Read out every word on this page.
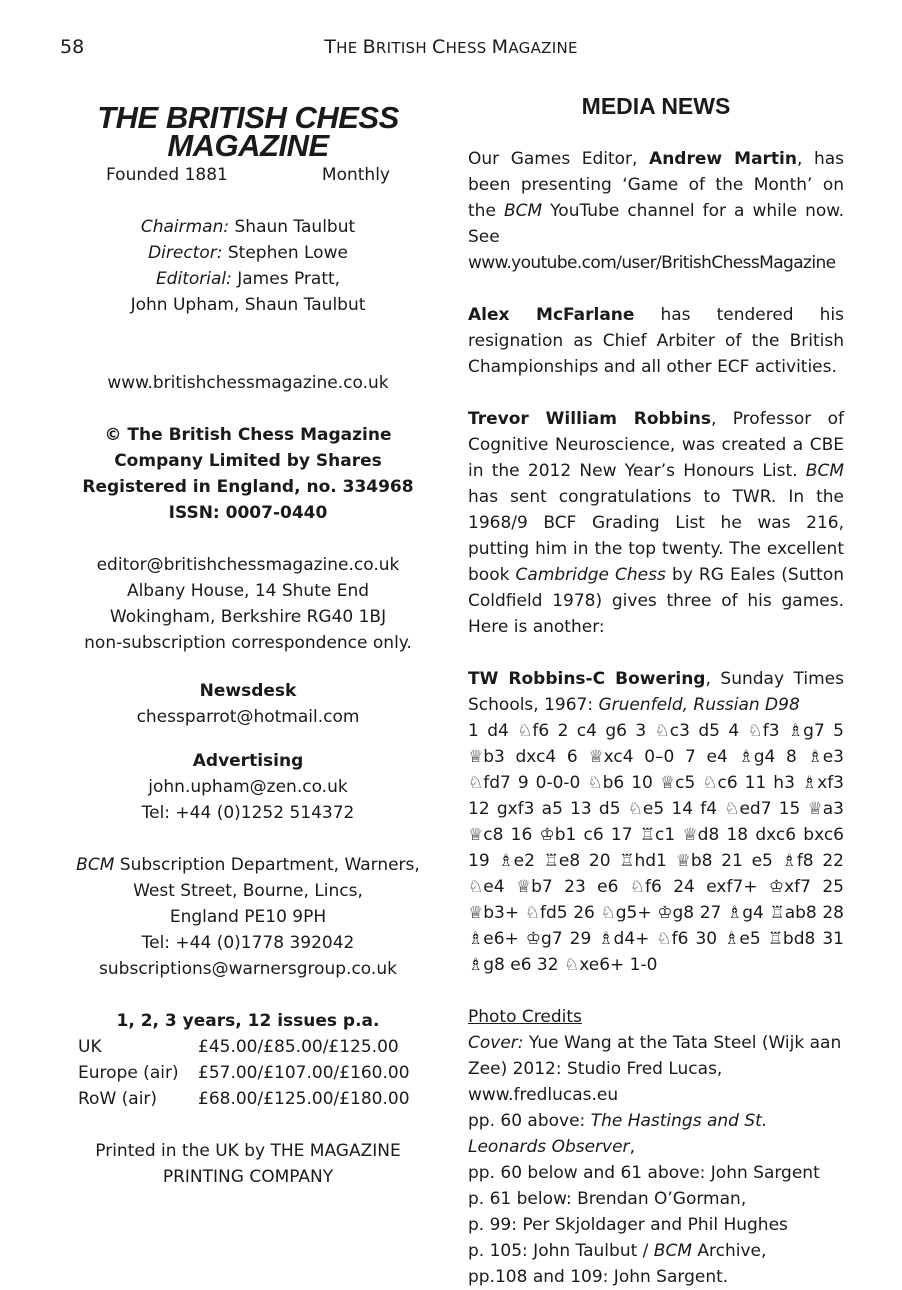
58	THE BRITISH CHESS MAGAZINE
THE BRITISH CHESS
MAGAZINE
Founded 1881	Monthly
Chairman: Shaun Taulbut
Director: Stephen Lowe
Editorial: James Pratt,
John Upham, Shaun Taulbut
www.britishchessmagazine.co.uk
© The British Chess Magazine
Company Limited by Shares
Registered in England, no. 334968
ISSN: 0007-0440
editor@britishchessmagazine.co.uk
Albany House, 14 Shute End
Wokingham, Berkshire RG40 1BJ
non-subscription correspondence only.
Newsdesk
chessparrot@hotmail.com
Advertising
john.upham@zen.co.uk
Tel: +44 (0)1252 514372
BCM Subscription Department, Warners,
West Street, Bourne, Lincs,
England PE10 9PH
Tel: +44 (0)1778 392042
subscriptions@warnersgroup.co.uk
1, 2, 3 years, 12 issues p.a.
UK	£45.00/£85.00/£125.00
Europe (air)	£57.00/£107.00/£160.00
RoW (air)	£68.00/£125.00/£180.00
Printed in the UK by THE MAGAZINE
PRINTING COMPANY
MEDIA NEWS

Our Games Editor, Andrew Martin, has been presenting ‘Game of the Month’ on the BCM YouTube channel for a while now. See
www.youtube.com/user/BritishChessMagazine

Alex McFarlane has tendered his resignation as Chief Arbiter of the British Championships and all other ECF activities.

Trevor William Robbins, Professor of Cognitive Neuroscience, was created a CBE in the 2012 New Year’s Honours List. BCM has sent congratulations to TWR. In the 1968/9 BCF Grading List he was 216, putting him in the top twenty. The excellent book Cambridge Chess by RG Eales (Sutton Coldfield 1978) gives three of his games. Here is another:

TW Robbins-C Bowering, Sunday Times Schools, 1967: Gruenfeld, Russian D98
1 d4 ♘f6 2 c4 g6 3 ♘c3 d5 4 ♘f3 ♗g7 5 ♕b3 dxc4 6 ♕xc4 0–0 7 e4 ♗g4 8 ♗e3 ♘fd7 9 0-0-0 ♘b6 10 ♕c5 ♘c6 11 h3 ♗xf3 12 gxf3 a5 13 d5 ♘e5 14 f4 ♘ed7 15 ♕a3 ♕c8 16 ♔b1 c6 17 ♖c1 ♕d8 18 dxc6 bxc6 19 ♗e2 ♖e8 20 ♖hd1 ♕b8 21 e5 ♗f8 22 ♘e4 ♕b7 23 e6 ♘f6 24 exf7+ ♔xf7 25 ♕b3+ ♘fd5 26 ♘g5+ ♔g8 27 ♗g4 ♖ab8 28 ♗e6+ ♔g7 29 ♗d4+ ♘f6 30 ♗e5 ♖bd8 31 ♗g8 e6 32 ♘xe6+ 1-0

Photo Credits

Cover: Yue Wang at the Tata Steel (Wijk aan Zee) 2012: Studio Fred Lucas,

www.fredlucas.eu

pp. 60 above: The Hastings and St. Leonards Observer,

pp. 60 below and 61 above: John Sargent

p. 61 below: Brendan O’Gorman,

p. 99: Per Skjoldager and Phil Hughes

p. 105: John Taulbut / BCM Archive,

pp.108 and 109: John Sargent.
